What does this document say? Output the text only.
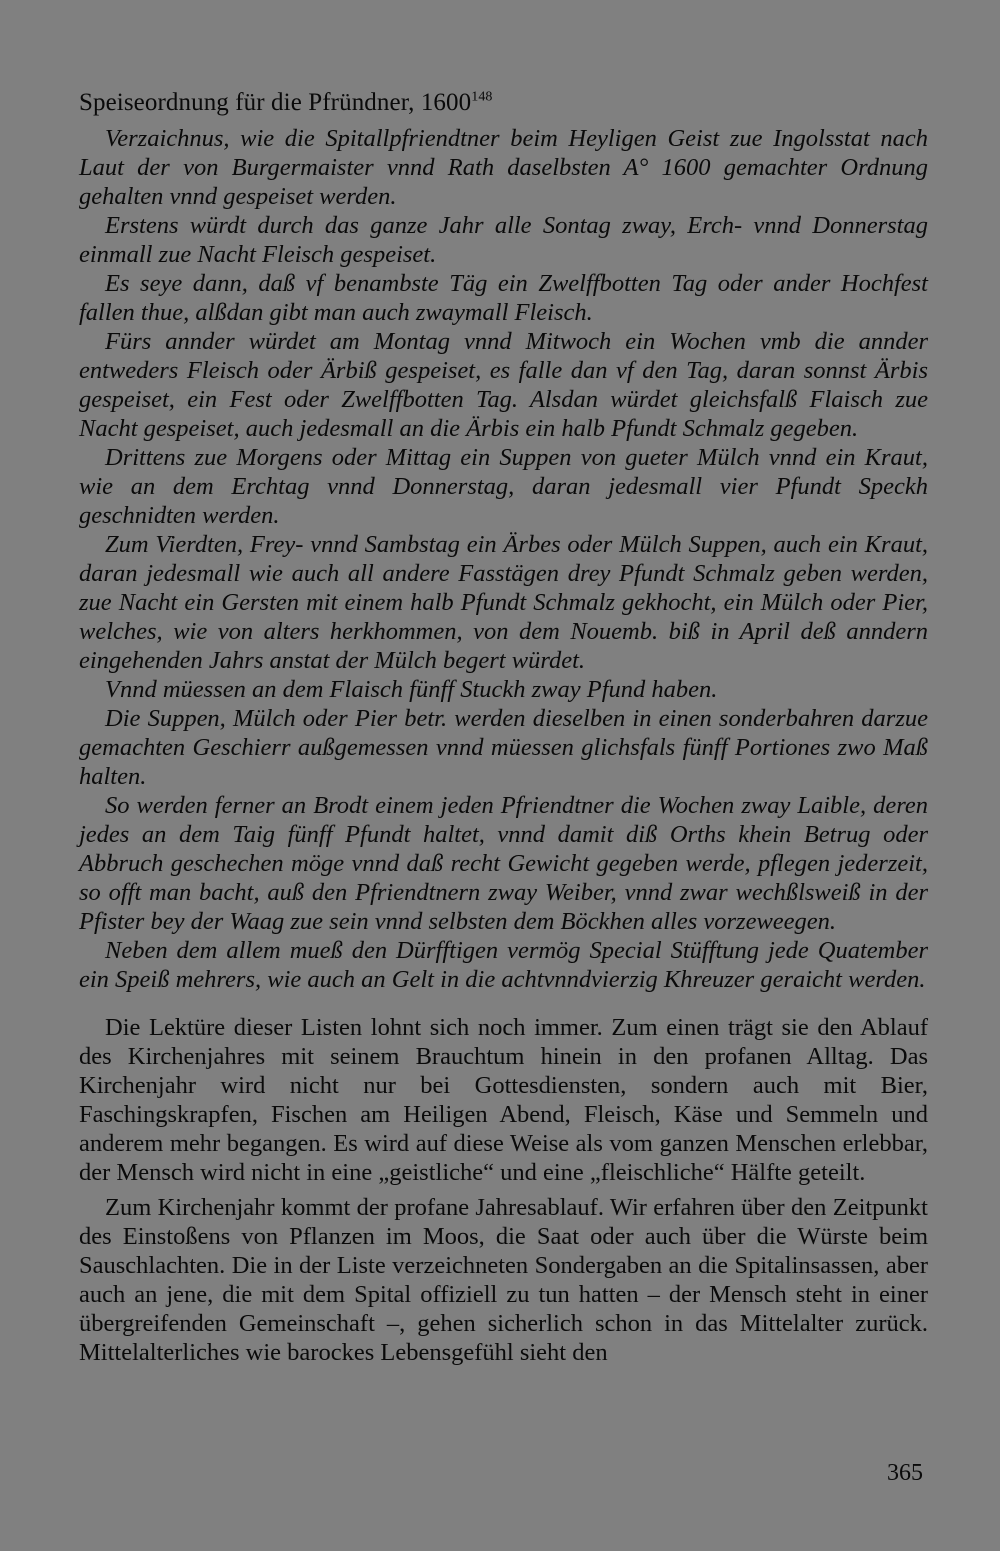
Speiseordnung für die Pfründner, 1600$^{148}$

Verzaichnus, wie die Spitallpfriendtner beim Heyligen Geist zue Ingolsstat nach Laut der von Burgermaister vnnd Rath daselbsten A° 1600 gemachter Ordnung gehalten vnnd gespeiset werden.

Erstens würdt durch das ganze Jahr alle Sontag zway, Erch- vnnd Donnerstag einmall zue Nacht Fleisch gespeiset.

Es seye dann, daß vf benambste Täg ein Zwelffbotten Tag oder ander Hochfest fallen thue, alßdan gibt man auch zwaymall Fleisch.

Fürs annder würdet am Montag vnnd Mitwoch ein Wochen vmb die annder entweders Fleisch oder Ärbiß gespeiset, es falle dan vf den Tag, daran sonnst Ärbis gespeiset, ein Fest oder Zwelffbotten Tag. Alsdan würdet gleichsfalß Flaisch zue Nacht gespeiset, auch jedesmall an die Ärbis ein halb Pfundt Schmalz gegeben.

Drittens zue Morgens oder Mittag ein Suppen von gueter Mülch vnnd ein Kraut, wie an dem Erchtag vnnd Donnerstag, daran jedesmall vier Pfundt Speckh geschnidten werden.

Zum Vierdten, Frey- vnnd Sambstag ein Ärbes oder Mülch Suppen, auch ein Kraut, daran jedesmall wie auch all andere Fasstägen drey Pfundt Schmalz geben werden, zue Nacht ein Gersten mit einem halb Pfundt Schmalz gekhocht, ein Mülch oder Pier, welches, wie von alters herkhommen, von dem Nouemb. biß in April deß anndern eingehenden Jahrs anstat der Mülch begert würdet.

Vnnd müessen an dem Flaisch fünff Stuckh zway Pfund haben.

Die Suppen, Mülch oder Pier betr. werden dieselben in einen sonderbahren darzue gemachten Geschierr außgemessen vnnd müessen glichsfals fünff Portiones zwo Maß halten.

So werden ferner an Brodt einem jeden Pfriendtner die Wochen zway Laible, deren jedes an dem Taig fünff Pfundt haltet, vnnd damit diß Orths khein Betrug oder Abbruch geschechen möge vnnd daß recht Gewicht gegeben werde, pflegen jederzeit, so offt man bacht, auß den Pfriendtnern zway Weiber, vnnd zwar wechßlsweiß in der Pfister bey der Waag zue sein vnnd selbsten dem Böckhen alles vorzeweegen.

Neben dem allem mueß den Dürfftigen vermög Special Stüfftung jede Quatember ein Speiß mehrers, wie auch an Gelt in die achtvnndvierzig Khreuzer geraicht werden.

Die Lektüre dieser Listen lohnt sich noch immer. Zum einen trägt sie den Ablauf des Kirchenjahres mit seinem Brauchtum hinein in den profanen Alltag. Das Kirchenjahr wird nicht nur bei Gottesdiensten, sondern auch mit Bier, Faschingskrapfen, Fischen am Heiligen Abend, Fleisch, Käse und Semmeln und anderem mehr begangen. Es wird auf diese Weise als vom ganzen Menschen erlebbar, der Mensch wird nicht in eine „geistliche“ und eine „fleischliche“ Hälfte geteilt.

Zum Kirchenjahr kommt der profane Jahresablauf. Wir erfahren über den Zeitpunkt des Einstoßens von Pflanzen im Moos, die Saat oder auch über die Würste beim Sauschlachten. Die in der Liste verzeichneten Sondergaben an die Spitalinsassen, aber auch an jene, die mit dem Spital offiziell zu tun hatten – der Mensch steht in einer übergreifenden Gemeinschaft –, gehen sicherlich schon in das Mittelalter zurück. Mittelalterliches wie barockes Lebensgefühl sieht den

365
